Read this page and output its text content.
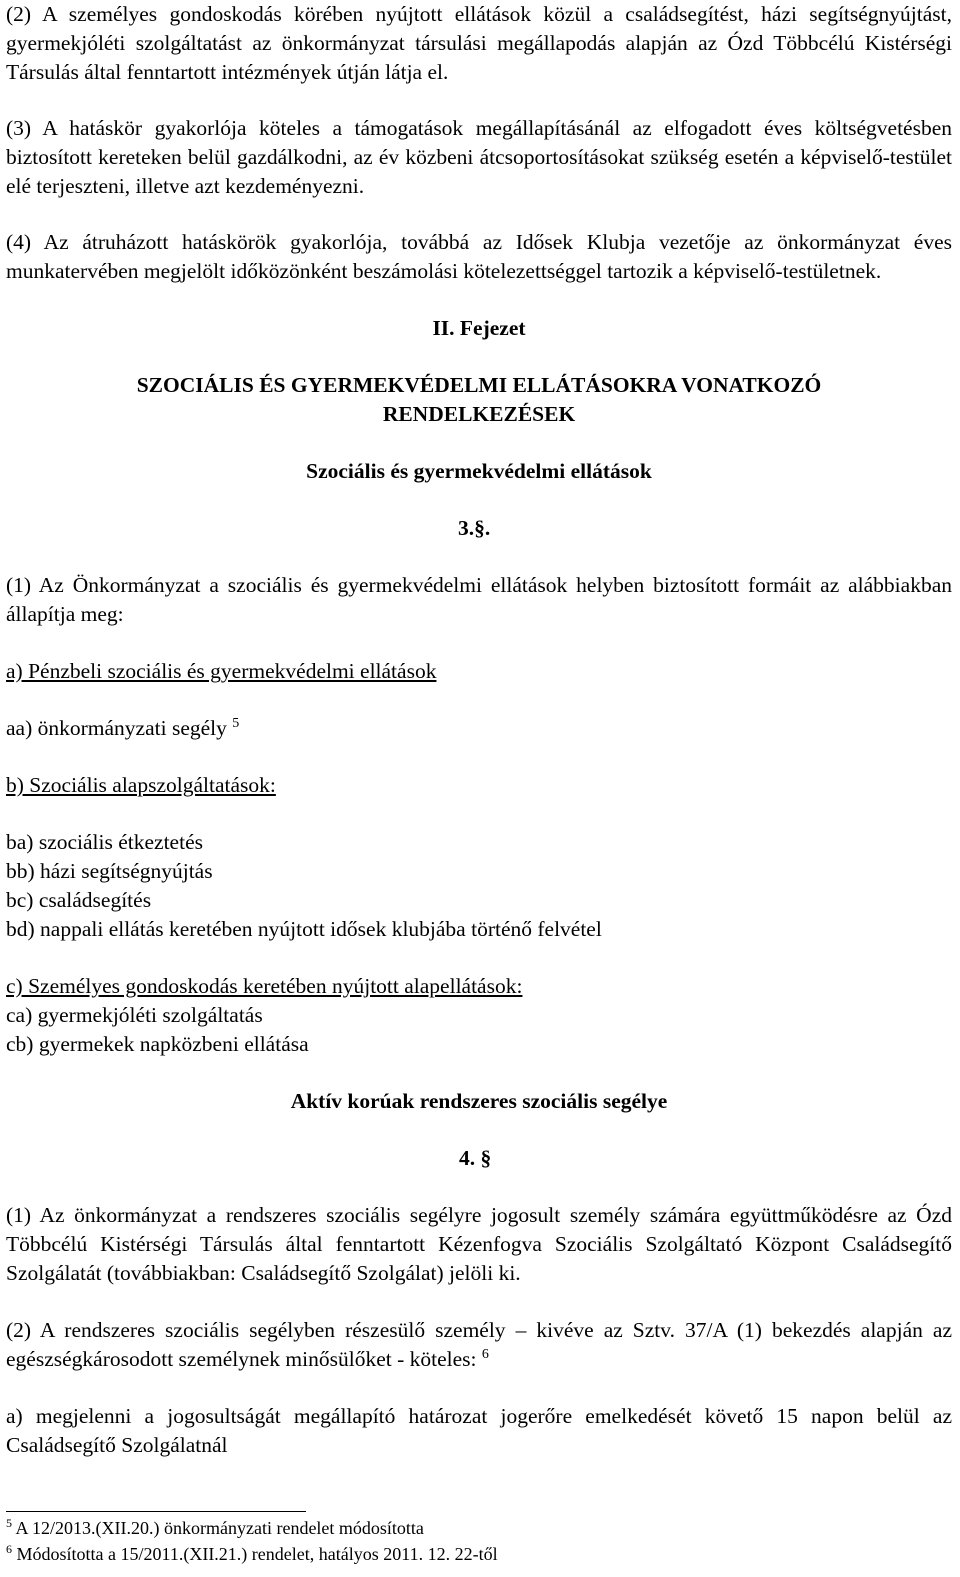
(2) A személyes gondoskodás körében nyújtott ellátások közül a családsegítést, házi segítségnyújtást, gyermekjóléti szolgáltatást az önkormányzat társulási megállapodás alapján az Ózd Többcélú Kistérségi Társulás által fenntartott intézmények útján látja el.

(3) A hatáskör gyakorlója köteles a támogatások megállapításánál az elfogadott éves költségvetésben biztosított kereteken belül gazdálkodni, az év közbeni átcsoportosításokat szükség esetén a képviselő-testület elé terjeszteni, illetve azt kezdeményezni.

(4) Az átruházott hatáskörök gyakorlója, továbbá az Idősek Klubja vezetője az önkormányzat éves munkatervében megjelölt időközönként beszámolási kötelezettséggel tartozik a képviselő-testületnek.

II. Fejezet

SZOCIÁLIS ÉS GYERMEKVÉDELMI ELLÁTÁSOKRA VONATKOZÓ

RENDELKEZÉSEK

Szociális és gyermekvédelmi ellátások

3.§.

(1) Az Önkormányzat a szociális és gyermekvédelmi ellátások helyben biztosított formáit az alábbiakban állapítja meg:

a) Pénzbeli szociális és gyermekvédelmi ellátások

aa) önkormányzati segély $^5$

b) Szociális alapszolgáltatások:

ba) szociális étkeztetés

bb) házi segítségnyújtás

bc) családsegítés

bd) nappali ellátás keretében nyújtott idősek klubjába történő felvétel

c) Személyes gondoskodás keretében nyújtott alapellátások:

ca) gyermekjóléti szolgáltatás

cb) gyermekek napközbeni ellátása

Aktív korúak rendszeres szociális segélye

4. §

(1) Az önkormányzat a rendszeres szociális segélyre jogosult személy számára együttműködésre az Ózd Többcélú Kistérségi Társulás által fenntartott Kézenfogva Szociális Szolgáltató Központ Családsegítő Szolgálatát (továbbiakban: Családsegítő Szolgálat) jelöli ki.

(2) A rendszeres szociális segélyben részesülő személy – kivéve az Sztv. 37/A (1) bekezdés alapján az egészségkárosodott személynek minősülőket - köteles: $^6$

a) megjelenni a jogosultságát megállapító határozat jogerőre emelkedését követő 15 napon belül az Családsegítő Szolgálatnál

$^5$ A 12/2013.(XII.20.) önkormányzati rendelet módosította
$^6$ Módosította a 15/2011.(XII.21.) rendelet, hatályos 2011. 12. 22-től
